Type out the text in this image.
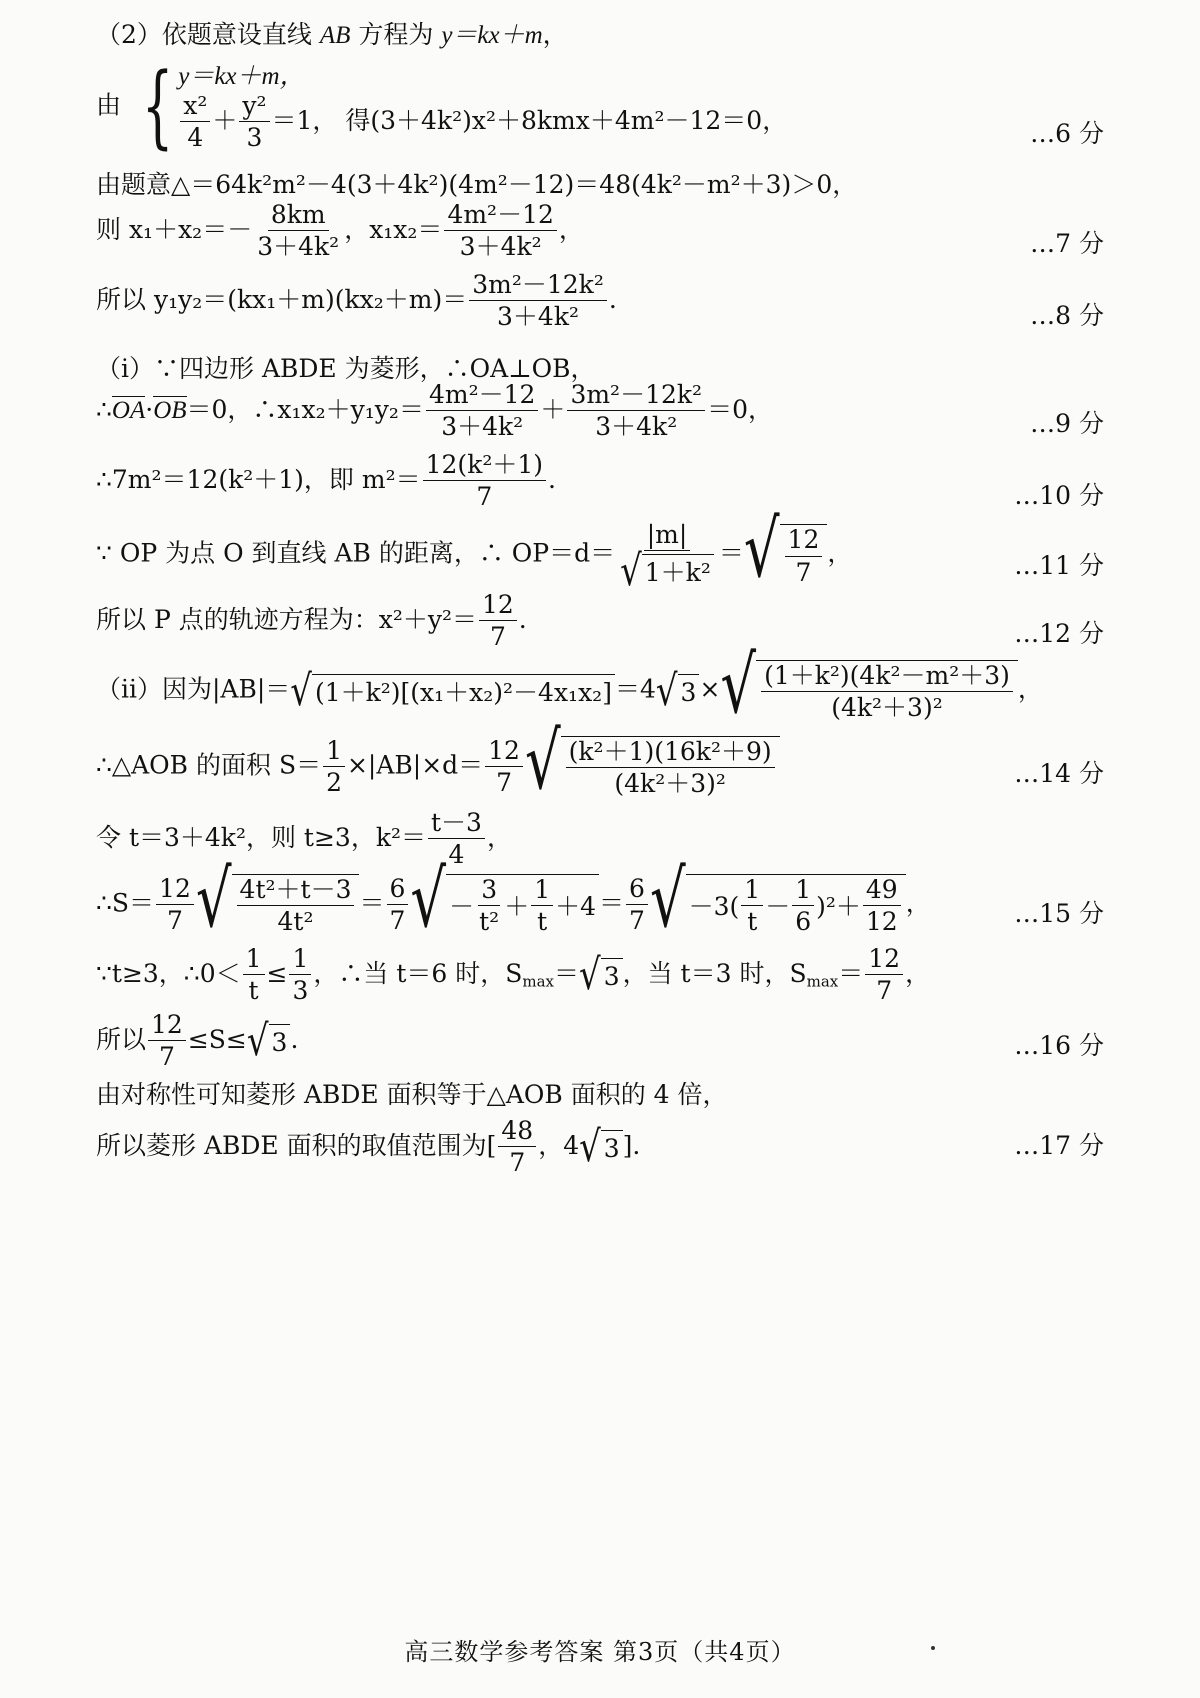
（2）依题意设直线 AB 方程为 y＝kx＋m，
由 { y＝kx＋m，
$\frac{\text{x²}}{4} + \frac{\text{y²}}{3} =1$， 得(3＋4k²)x²＋8kmx＋4m²－12＝0，	…6 分
由题意△＝64k²m²－4(3＋4k²)(4m²－12)＝48(4k²－m²＋3)＞0，
则 $x_1+x_2=- \frac{8km}{\text{3＋4k²}}$ ，$x_1x_2= \frac{\text{4m²－12}}{\text{3＋4k²}}$ ，	…7 分
所以 $y_1y_2=(kx_1+m)(kx_2+m)= \frac{\text{3m²－12k²}}{\text{3＋4k²}}$ .
…8 分
（ⅰ）∵四边形 ABDE 为菱形，∴OA⊥OB，
∴OA·OB＝0，∴x₁x₂＋y₁y₂＝ $\frac{\text{4m²－12}}{\text{3＋4k²}} + \frac{\text{3m²－12k²}}{\text{3＋4k²}} =0$，	…9 分
∴7m²＝12(k²＋1)，即 $m^2= \frac{\text{12(k²＋1)}}{7}$ .
…10 分
∵ OP 为点 O 到直线 AB 的距离，∴ $OP=d= \frac{|m|}{\text{√ 1＋k²}}$ ＝ √ $\frac{12}{7}$ ，	…11 分
所以 P 点的轨迹方程为：$x^2+y^2= \frac{12}{7}$ .	…12 分
（ⅱ）因为|AB|＝ √ (1＋k²)[(x₁＋x₂)²－4x₁x₂] ＝4 √ 3 × √ $\frac{\text{(1＋k²)(4k²－m²＋3)}}{\text{(4k²＋3)²}}$ ，
∴△AOB 的面积 $S= \frac{1}{2} \times|AB|\times d= \frac{12}{7}$ √ $\frac{\text{(k²＋1)(16k²＋9)}}{\text{(4k²＋3)²}}$	…14 分
令 t＝3＋4k²，则 t≥3，$k^2= \frac{t-3}{4}$ ，
∴S＝ $\frac{12}{7}$ √ $\frac{\text{4t²＋t－3}}{\text{4t²}} = \frac{6}{7}$ √ － $\frac{3}{\text{t²}} + \frac{1}{t} +4 = \frac{6}{7}$ √ $-3( \frac{1}{t} - \frac{1}{6} )^2+ \frac{49}{12}$ ，	…15 分
∵t≥3，∴0＜ $\frac{1}{t} \le \frac{1}{3}$ ，∴当 t＝6 时，$S_{max}=$ √ 3 ，当 t＝3 时，$S_{max}= \frac{12}{7}$ ，
所以 $\frac{12}{7} \le S\le$ √ 3 .	…16 分
由对称性可知菱形 ABDE 面积等于△AOB 面积的 4 倍，
所以菱形 ABDE 面积的取值范围为[ $\frac{48}{7}$ ，4 √ 3 ].	…17 分
高三数学参考答案 第3页（共4页）
